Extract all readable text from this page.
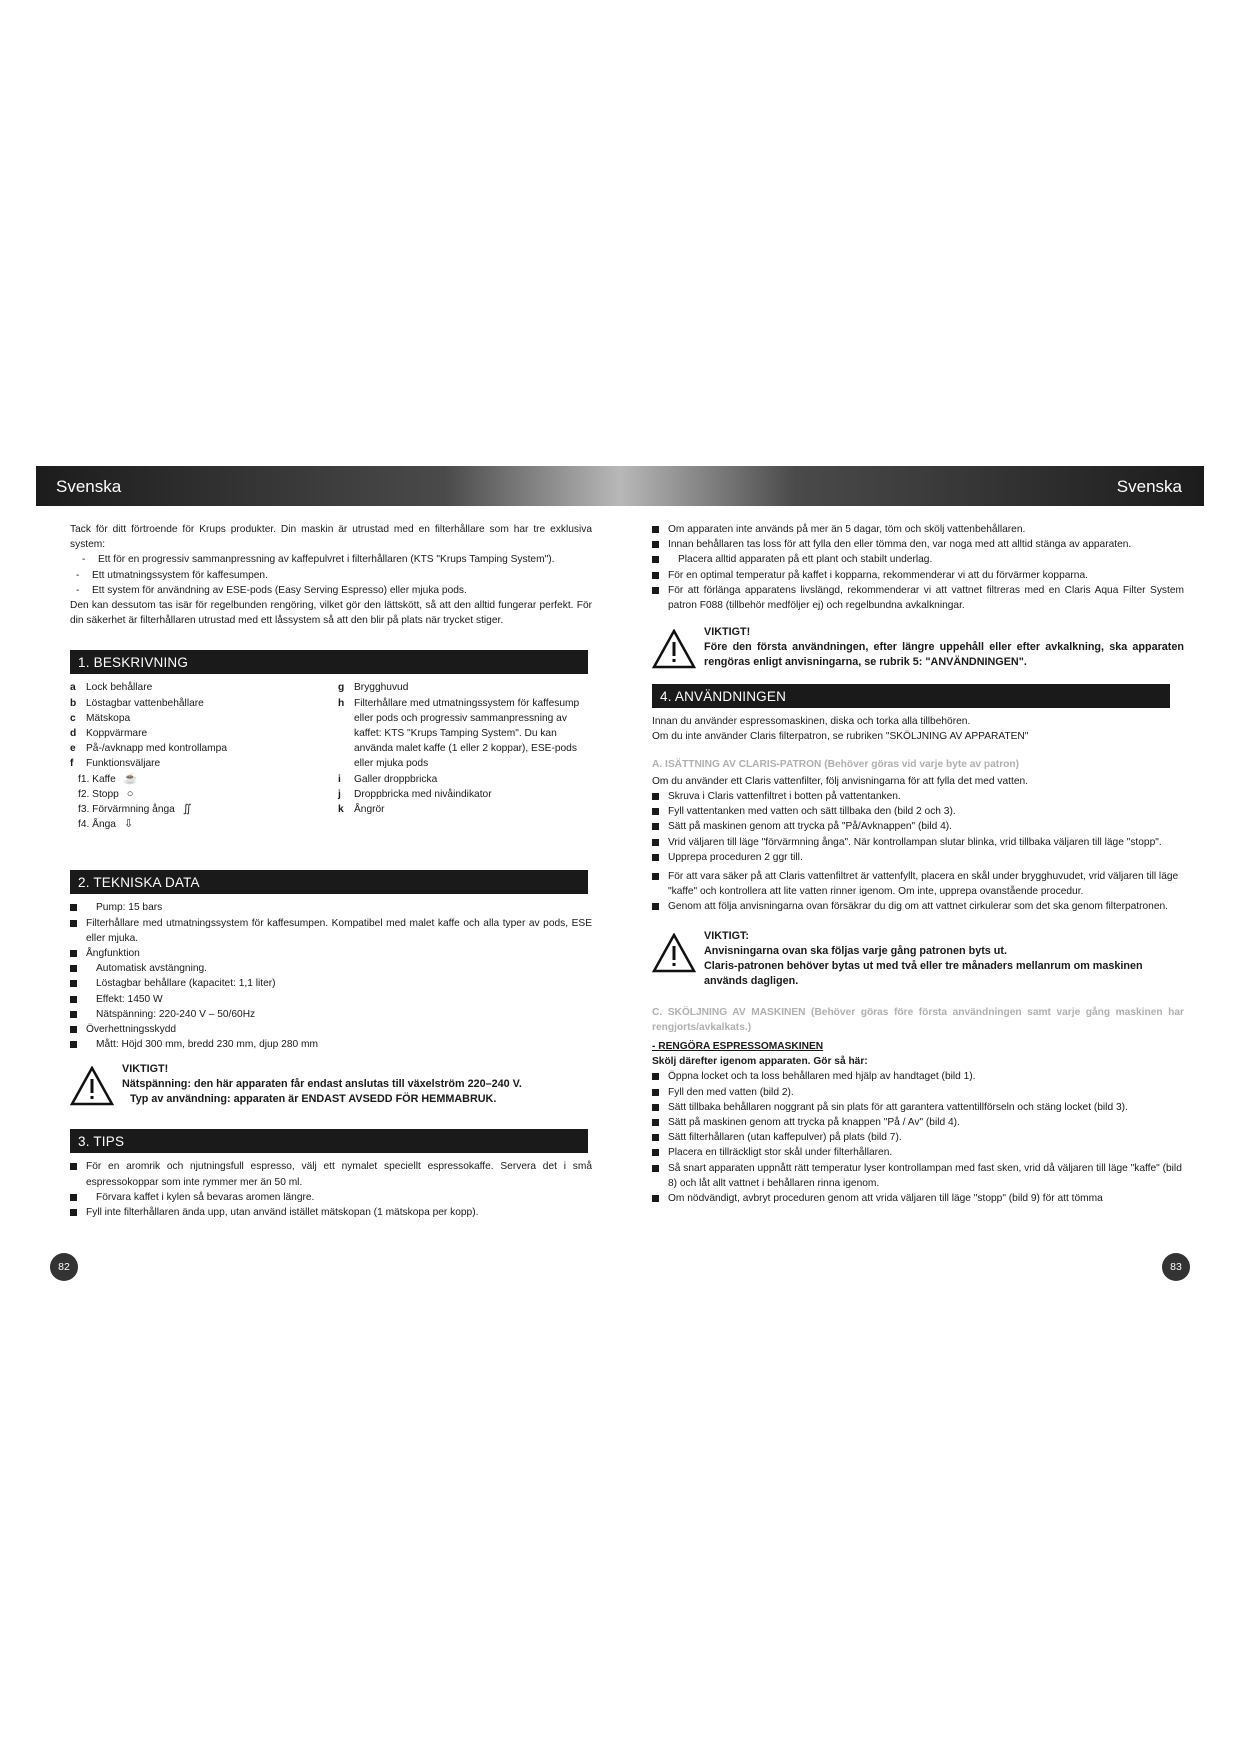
Svenska	Svenska

Tack för ditt förtroende för Krups produkter. Din maskin är utrustad med en filterhållare som har tre exklusiva system:

- Ett för en progressiv sammanpressning av kaffepulvret i filterhållaren (KTS "Krups Tamping System").
- Ett utmatningssystem för kaffesumpen.
- Ett system för användning av ESE-pods (Easy Serving Espresso) eller mjuka pods.

Den kan dessutom tas isär för regelbunden rengöring, vilket gör den lättskött, så att den alltid fungerar perfekt. För din säkerhet är filterhållaren utrustad med ett låssystem så att den blir på plats när trycket stiger.

1. BESKRIVNING
a Lock behållare
b Löstagbar vattenbehållare
c Mätskopa
d Koppvärmare
e På-/avknapp med kontrollampa
f Funktionsväljare
f1. Kaffe ☕
f2. Stopp ○
f3. Förvärmning ånga ∬
f4. Ånga ⇩
g Brygghuvud
h Filterhållare med utmatningssystem för kaffesump eller pods och progressiv sammanpressning av kaffet: KTS "Krups Tamping System". Du kan använda malet kaffe (1 eller 2 koppar), ESE-pods eller mjuka pods
i Galler droppbricka
j Droppbricka med nivåindikator
k Ångrör
2. TEKNISKA DATA
Pump: 15 bars
Filterhållare med utmatningssystem för kaffesumpen. Kompatibel med malet kaffe och alla typer av pods, ESE eller mjuka.
Ångfunktion
Automatisk avstängning.
Löstagbar behållare (kapacitet: 1,1 liter)
Effekt: 1450 W
Nätspänning: 220-240 V – 50/60Hz
Överhettningsskydd
Mått: Höjd 300 mm, bredd 230 mm, djup 280 mm
VIKTIGT!
Nätspänning: den här apparaten får endast anslutas till växelström 220–240 V.
Typ av användning: apparaten är ENDAST AVSEDD FÖR HEMMABRUK.
3. TIPS
För en aromrik och njutningsfull espresso, välj ett nymalet speciellt espressokaffe. Servera det i små espressokoppar som inte rymmer mer än 50 ml.
Förvara kaffet i kylen så bevaras aromen längre.
Fyll inte filterhållaren ända upp, utan använd istället mätskopan (1 mätskopa per kopp).
Om apparaten inte används på mer än 5 dagar, töm och skölj vattenbehållaren.
Innan behållaren tas loss för att fylla den eller tömma den, var noga med att alltid stänga av apparaten.
Placera alltid apparaten på ett plant och stabilt underlag.
För en optimal temperatur på kaffet i kopparna, rekommenderar vi att du förvärmer kopparna.
För att förlänga apparatens livslängd, rekommenderar vi att vattnet filtreras med en Claris Aqua Filter System patron F088 (tillbehör medföljer ej) och regelbundna avkalkningar.
VIKTIGT!
Före den första användningen, efter längre uppehåll eller efter avkalkning, ska apparaten rengöras enligt anvisningarna, se rubrik 5: "ANVÄNDNINGEN".
4. ANVÄNDNINGEN

Innan du använder espressomaskinen, diska och torka alla tillbehören.

Om du inte använder Claris filterpatron, se rubriken "SKÖLJNING AV APPARATEN"

A. ISÄTTNING AV CLARIS-PATRON (Behöver göras vid varje byte av patron)

Om du använder ett Claris vattenfilter, följ anvisningarna för att fylla det med vatten.

Skruva i Claris vattenfiltret i botten på vattentanken.
Fyll vattentanken med vatten och sätt tillbaka den (bild 2 och 3).
Sätt på maskinen genom att trycka på "På/Avknappen" (bild 4).
Vrid väljaren till läge "förvärmning ånga". När kontrollampan slutar blinka, vrid tillbaka väljaren till läge "stopp".
Upprepa proceduren 2 ggr till.
För att vara säker på att Claris vattenfiltret är vattenfyllt, placera en skål under brygghuvudet, vrid väljaren till läge "kaffe" och kontrollera att lite vatten rinner igenom. Om inte, upprepa ovanstående procedur.
Genom att följa anvisningarna ovan försäkrar du dig om att vattnet cirkulerar som det ska genom filterpatronen.
VIKTIGT:
Anvisningarna ovan ska följas varje gång patronen byts ut.
Claris-patronen behöver bytas ut med två eller tre månaders mellanrum om maskinen används dagligen.

C. SKÖLJNING AV MASKINEN (Behöver göras före första användningen samt varje gång maskinen har rengjorts/avkalkats.)

- RENGÖRA ESPRESSOMASKINEN

Skölj därefter igenom apparaten. Gör så här:

Öppna locket och ta loss behållaren med hjälp av handtaget (bild 1).
Fyll den med vatten (bild 2).
Sätt tillbaka behållaren noggrant på sin plats för att garantera vattentillförseln och stäng locket (bild 3).
Sätt på maskinen genom att trycka på knappen "På / Av" (bild 4).
Sätt filterhållaren (utan kaffepulver) på plats (bild 7).
Placera en tillräckligt stor skål under filterhållaren.
Så snart apparaten uppnått rätt temperatur lyser kontrollampan med fast sken, vrid då väljaren till läge "kaffe" (bild 8) och låt allt vattnet i behållaren rinna igenom.
Om nödvändigt, avbryt proceduren genom att vrida väljaren till läge "stopp" (bild 9) för att tömma
82	83
